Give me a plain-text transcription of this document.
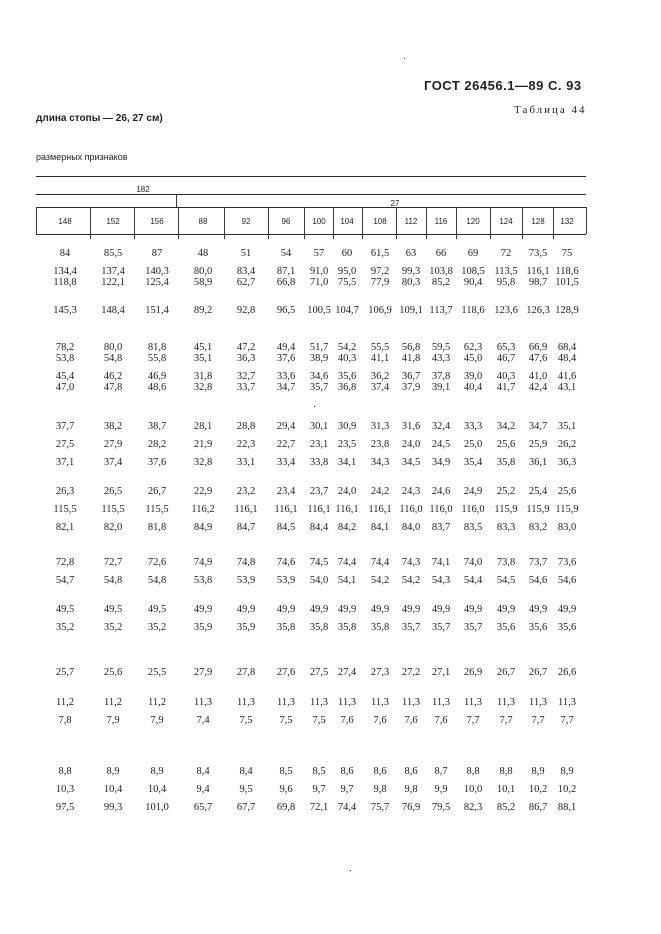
ГОСТ 26456.1—89 С. 93
Таблица 44
длина стопы — 26, 27 см)
размерных признаков
182
27
148	152	156	88	92	96	100 104 108 112 116 120 124 128 132
84	85,5	87	48	51	54 57 60 61,5 63 66 69 72 73,5 75
134,4 137,4 140,3 80,0 83,4 87,1 91,0 95,0 97,2 99,3 103,8 108,5 113,5 116,1 118,6
118,8 122,1 125,4 58,9 62,7 66,8 71,0 75,5 77,9 80,3 85,2 90,4 95,8 98,7 101,5
145,3 148,4 151,4 89,2 92,8 96,5 100,5 104,7 106,9 109,1 113,7 118,6 123,6 126,3 128,9
78,2	80,0 81,8	45,1 47,2 49,4 51,7 54,2 55,5 56,8 59,5 62,3 65,3 66,9 68,4
53,8	54,8 55,8	35,1 36,3 37,6 38,9 40,3 41,1 41,8 43,3 45,0 46,7 47,6 48,4
45,4	46,2 46,9	31,8 32,7 33,6 34,6 35,6 36,2 36,7 37,8 39,0 40,3 41,0 41,6
47,0	47,8 48,6	32,8 33,7 34,7 35,7 36,8 37,4 37,9 39,1 40,4 41,7 42,4 43,1
37,7	38,2 38,7	28,1 28,8 29,4 30,1 30,9 31,3 31,6 32,4 33,3 34,2 34,7 35,1
27,5	27,9 28,2	21,9 22,3 22,7 23,1 23,5 23,8 24,0 24,5 25,0 25,6 25,9 26,2
37,1	37,4 37,6	32,8 33,1 33,4 33,8 34,1 34,3 34,5 34,9 35,4 35,8 36,1 36,3
26,3	26,5 26,7	22,9 23,2 23,4 23,7 24,0 24,2 24,3 24,6 24,9 25,2 25,4 25,6
115,5 115,5 115,5 116,2 116,1 116,1 116,1 116,1 116,1 116,0 116,0 116,0 115,9 115,9 115,9
82,1	82,0 81,8	84,9 84,7 84,5 84,4 84,2 84,1 84,0 83,7 83,5 83,3 83,2 83,0
72,8	72,7 72,6	74,9 74,8 74,6 74,5 74,4 74,4 74,3 74,1 74,0 73,8 73,7 73,6
54,7	54,8 54,8	53,8 53,9 53,9 54,0 54,1 54,2 54,2 54,3 54,4 54,5 54,6 54,6
49,5	49,5 49,5	49,9 49,9 49,9 49,9 49,9 49,9 49,9 49,9 49,9 49,9 49,9 49,9
35,2	35,2 35,2	35,9 35,9 35,8 35,8 35,8 35,8 35,7 35,7 35,7 35,6 35,6 35,6
25,7	25,6 25,5	27,9 27,8 27,6 27,5 27,4 27,3 27,2 27,1 26,9 26,7 26,7 26,6
11,2	11,2 11,2	11,3 11,3 11,3 11,3 11,3 11,3 11,3 11,3 11,3 11,3 11,3 11,3
7,8	7,9	7,9	7,4	7,5	7,5 7,5 7,6 7,6 7,6 7,6 7,7 7,7 7,7 7,7
8,8	8,9	8,9	8,4	8,4	8,5 8,5 8,6 8,6 8,6 8,7 8,8 8,8 8,9 8,9
10,3	10,4 10,4	9,4	9,5	9,6 9,7 9,7 9,8 9,8 9,9 10,0 10,1 10,2 10,2
97,5	99,3 101,0 65,7 67,7 69,8 72,1 74,4 75,7 76,9 79,5 82,3 85,2 86,7 88,1
